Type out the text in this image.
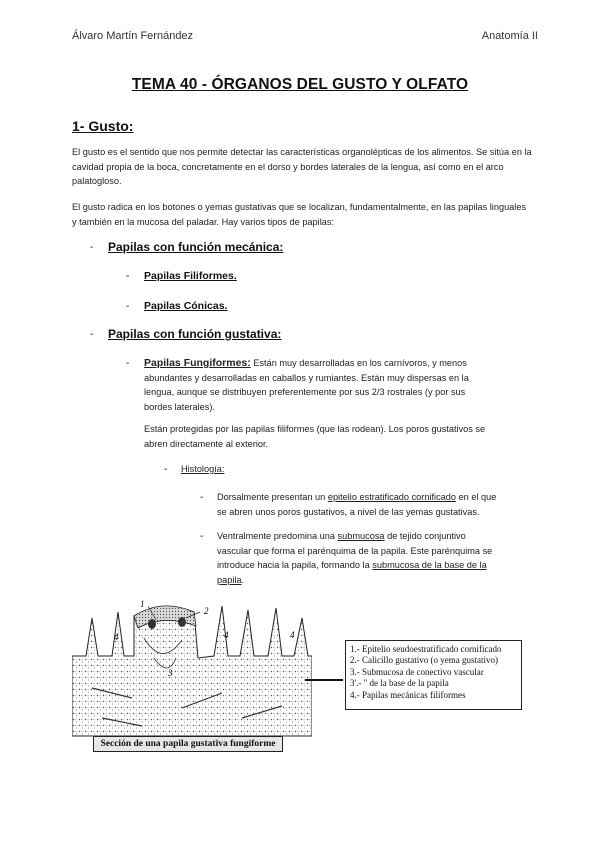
Álvaro Martín Fernández	Anatomía II
TEMA 40 - ÓRGANOS DEL GUSTO Y OLFATO
1- Gusto:
El gusto es el sentido que nos permite detectar las características organolépticas de los alimentos. Se sitúa en la cavidad propia de la boca, concretamente en el dorso y bordes laterales de la lengua, así como en el arco palatogloso.
El gusto radica en los botones o yemas gustativas que se localizan, fundamentalmente, en las papilas linguales y también en la mucosa del paladar. Hay varios tipos de papilas:
- Papilas con función mecánica:
- Papilas Filiformes.
- Papilas Cónicas.
- Papilas con función gustativa:
- Papilas Fungiformes: Están muy desarrolladas en los carnívoros, y menos
abundantes y desarrolladas en caballos y rumiantes. Están muy dispersas en la
lengua, aunque se distribuyen preferentemente por sus 2/3 rostrales (y por sus
bordes laterales).
Están protegidas por las papilas filiformes (que las rodean). Los poros gustativos se
abren directamente al exterior.
- Histología:
- Dorsalmente presentan un epitelio estratificado cornificado en el que
se abren unos poros gustativos, a nivel de las yemas gustativas.
- Ventralmente predomina una submucosa de tejido conjuntivo
vascular que forma el parénquima de la papila. Este parénquima se
introduce hacia la papila, formando la submucosa de la base de la
papila.
1
2
3
4	4	4
Sección de una papila gustativa fungiforme
1.- Epitelio seudoestratificado cornificado
2.- Calicillo gustativo (o yema gustativo)
3.- Submucosa de conectivo vascular
3'.- " de la base de la papila
4.- Papilas mecánicas filiformes
